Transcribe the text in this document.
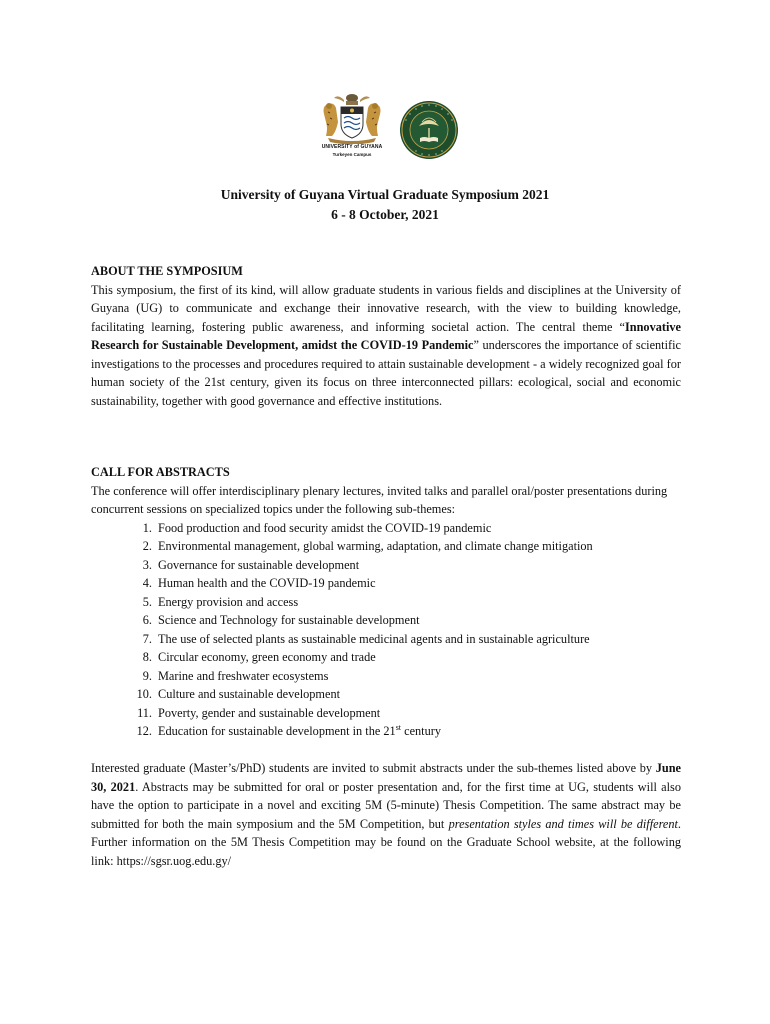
UNIVERSITY of GUYANA
Turkeyen Campus
University of Guyana Virtual Graduate Symposium 2021
6 - 8 October, 2021
ABOUT THE SYMPOSIUM
This symposium, the first of its kind, will allow graduate students in various fields and disciplines at the University of Guyana (UG) to communicate and exchange their innovative research, with the view to building knowledge, facilitating learning, fostering public awareness, and informing societal action. The central theme “Innovative Research for Sustainable Development, amidst the COVID-19 Pandemic” underscores the importance of scientific investigations to the processes and procedures required to attain sustainable development - a widely recognized goal for human society of the 21st century, given its focus on three interconnected pillars: ecological, social and economic sustainability, together with good governance and effective institutions.
CALL FOR ABSTRACTS
The conference will offer interdisciplinary plenary lectures, invited talks and parallel oral/poster presentations during concurrent sessions on specialized topics under the following sub-themes:
1. Food production and food security amidst the COVID-19 pandemic
2. Environmental management, global warming, adaptation, and climate change mitigation
3. Governance for sustainable development
4. Human health and the COVID-19 pandemic
5. Energy provision and access
6. Science and Technology for sustainable development
7. The use of selected plants as sustainable medicinal agents and in sustainable agriculture
8. Circular economy, green economy and trade
9. Marine and freshwater ecosystems
10. Culture and sustainable development
11. Poverty, gender and sustainable development
12. Education for sustainable development in the 21st century
Interested graduate (Master’s/PhD) students are invited to submit abstracts under the sub-themes listed above by June 30, 2021. Abstracts may be submitted for oral or poster presentation and, for the first time at UG, students will also have the option to participate in a novel and exciting 5M (5-minute) Thesis Competition. The same abstract may be submitted for both the main symposium and the 5M Competition, but presentation styles and times will be different. Further information on the 5M Thesis Competition may be found on the Graduate School website, at the following link: https://sgsr.uog.edu.gy/
